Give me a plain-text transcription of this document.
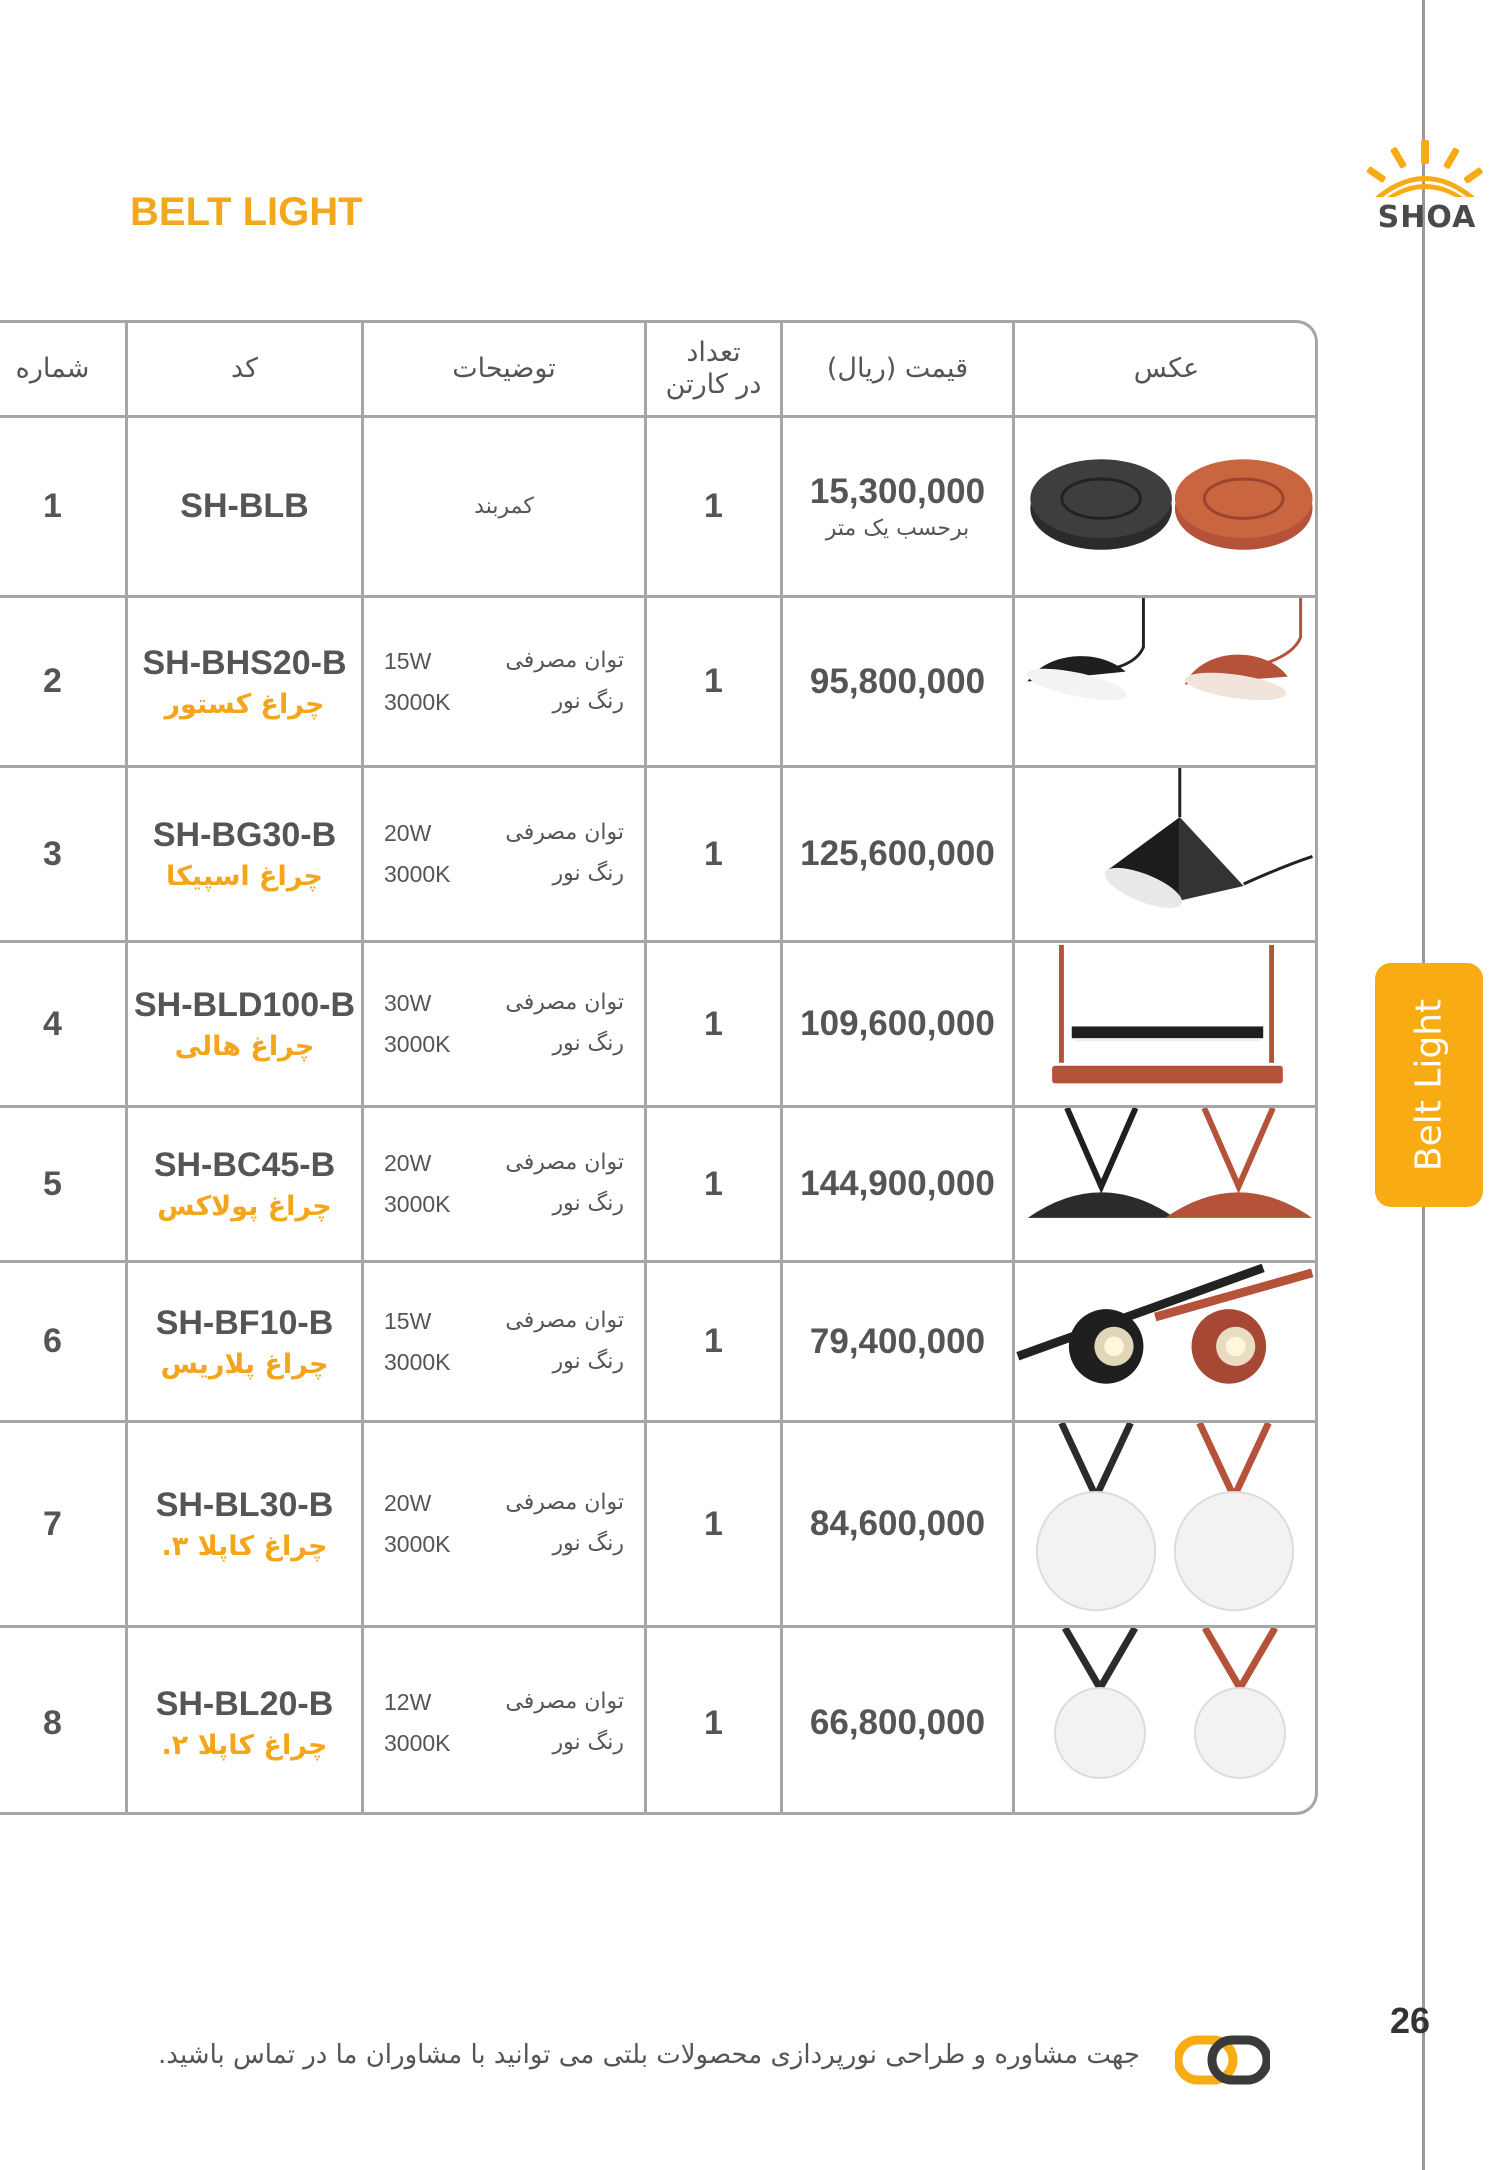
SHOA
BELT LIGHT
Belt Light
شماره	کد	توضیحات
تعداد
در کارتن
قیمت (ریال)	عکس
1	SH-BLB	کمربند	1 15,300,000
برحسب یک متر
2 SH-BHS20-B
چراغ کستور
15W	توان مصرفی
3000K	رنگ نور
1 95,800,000
3	SH-BG30-B
چراغ اسپیکا
20W	توان مصرفی
3000K	رنگ نور
1 125,600,000
4 SH-BLD100-B
چراغ هالی
30W	توان مصرفی
3000K	رنگ نور
1 109,600,000
5	SH-BC45-B
چراغ پولاکس
20W	توان مصرفی
3000K	رنگ نور
1 144,900,000
6	SH-BF10-B
چراغ پلاریس
15W	توان مصرفی
3000K	رنگ نور
1 79,400,000
7	SH-BL30-B
چراغ کاپلا ۳.
20W	توان مصرفی
3000K	رنگ نور
1 84,600,000
8	SH-BL20-B
چراغ کاپلا ۲.
12W	توان مصرفی
3000K	رنگ نور
1 66,800,000
26
جهت مشاوره و طراحی نورپردازی محصولات بلتی می توانید با مشاوران ما در تماس باشید.
